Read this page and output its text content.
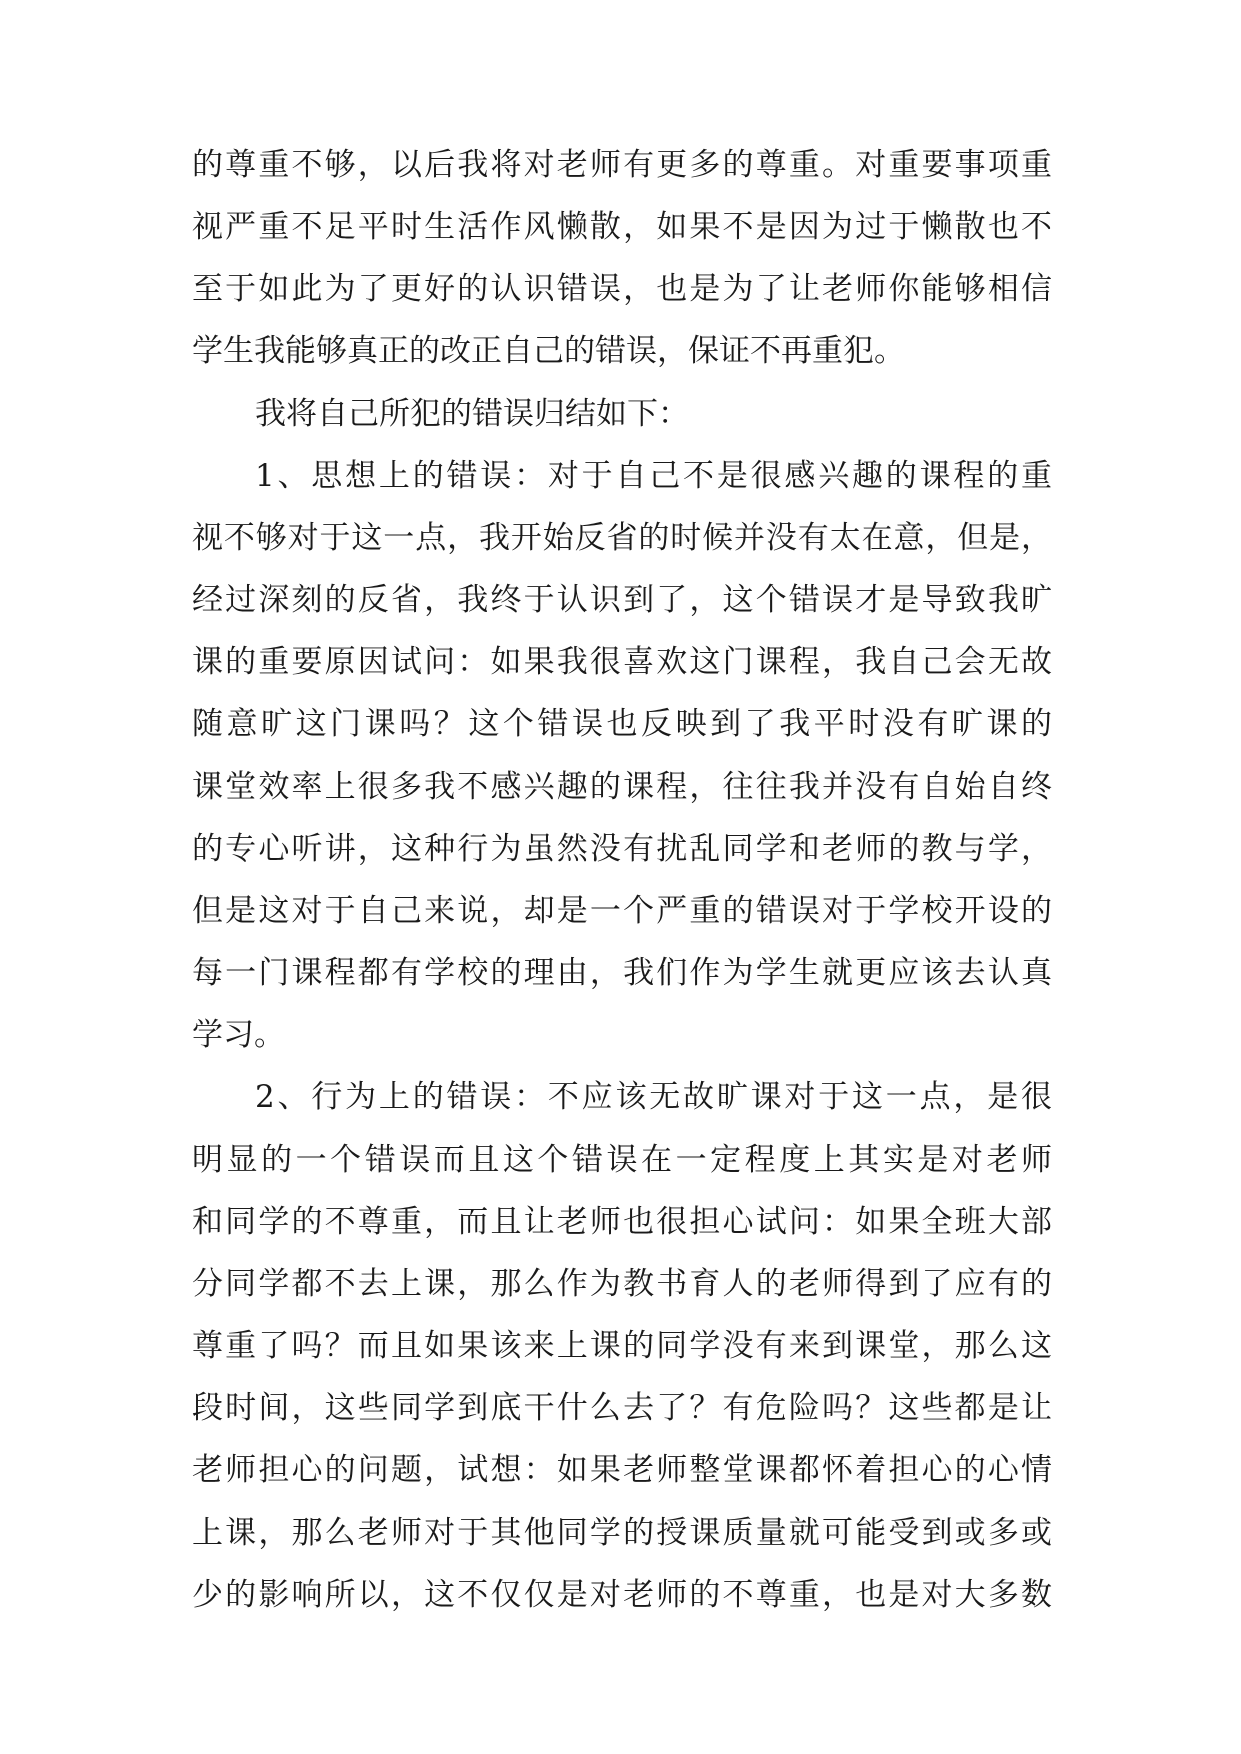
的尊重不够，以后我将对老师有更多的尊重。对重要事项重
视严重不足平时生活作风懒散，如果不是因为过于懒散也不
至于如此为了更好的认识错误，也是为了让老师你能够相信
学生我能够真正的改正自己的错误，保证不再重犯。
我将自己所犯的错误归结如下：
1、思想上的错误：对于自己不是很感兴趣的课程的重
视不够对于这一点，我开始反省的时候并没有太在意，但是，
经过深刻的反省，我终于认识到了，这个错误才是导致我旷
课的重要原因试问：如果我很喜欢这门课程，我自己会无故
随意旷这门课吗？这个错误也反映到了我平时没有旷课的
课堂效率上很多我不感兴趣的课程，往往我并没有自始自终
的专心听讲，这种行为虽然没有扰乱同学和老师的教与学，
但是这对于自己来说，却是一个严重的错误对于学校开设的
每一门课程都有学校的理由，我们作为学生就更应该去认真
学习。
2、行为上的错误：不应该无故旷课对于这一点，是很
明显的一个错误而且这个错误在一定程度上其实是对老师
和同学的不尊重，而且让老师也很担心试问：如果全班大部
分同学都不去上课，那么作为教书育人的老师得到了应有的
尊重了吗？而且如果该来上课的同学没有来到课堂，那么这
段时间，这些同学到底干什么去了？有危险吗？这些都是让
老师担心的问题，试想：如果老师整堂课都怀着担心的心情
上课，那么老师对于其他同学的授课质量就可能受到或多或
少的影响所以，这不仅仅是对老师的不尊重，也是对大多数
